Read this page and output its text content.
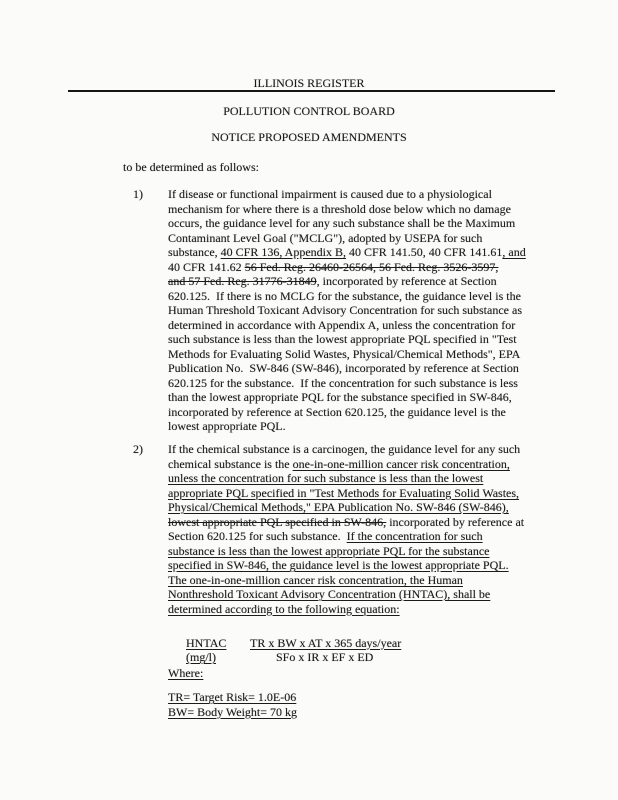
ILLINOIS REGISTER
POLLUTION CONTROL BOARD
NOTICE PROPOSED AMENDMENTS
to be determined as follows:
1) If disease or functional impairment is caused due to a physiological
mechanism for where there is a threshold dose below which no damage
occurs, the guidance level for any such substance shall be the Maximum
Contaminant Level Goal ("MCLG"), adopted by USEPA for such
substance, 40 CFR 136, Appendix B, 40 CFR 141.50, 40 CFR 141.61, and
40 CFR 141.62 56 Fed. Reg. 26460-26564, 56 Fed. Reg. 3526-3597,
and 57 Fed. Reg. 31776-31849, incorporated by reference at Section
620.125.  If there is no MCLG for the substance, the guidance level is the
Human Threshold Toxicant Advisory Concentration for such substance as
determined in accordance with Appendix A, unless the concentration for
such substance is less than the lowest appropriate PQL specified in "Test
Methods for Evaluating Solid Wastes, Physical/Chemical Methods", EPA
Publication No.  SW-846 (SW-846), incorporated by reference at Section
620.125 for the substance.  If the concentration for such substance is less
than the lowest appropriate PQL for the substance specified in SW-846,
incorporated by reference at Section 620.125, the guidance level is the
lowest appropriate PQL.
2) If the chemical substance is a carcinogen, the guidance level for any such
chemical substance is the one-in-one-million cancer risk concentration,
unless the concentration for such substance is less than the lowest
appropriate PQL specified in "Test Methods for Evaluating Solid Wastes,
Physical/Chemical Methods," EPA Publication No. SW-846 (SW-846),
lowest appropriate PQL specified in SW-846, incorporated by reference at
Section 620.125 for such substance.  If the concentration for such
substance is less than the lowest appropriate PQL for the substance
specified in SW-846, the guidance level is the lowest appropriate PQL.
The one-in-one-million cancer risk concentration, the Human
Nonthreshold Toxicant Advisory Concentration (HNTAC), shall be
determined according to the following equation:

HNTAC TR x BW x AT x 365 days/year

(mg/l)	SFo x IR x EF x ED

Where:
TR= Target Risk= 1.0E-06
BW= Body Weight= 70 kg
